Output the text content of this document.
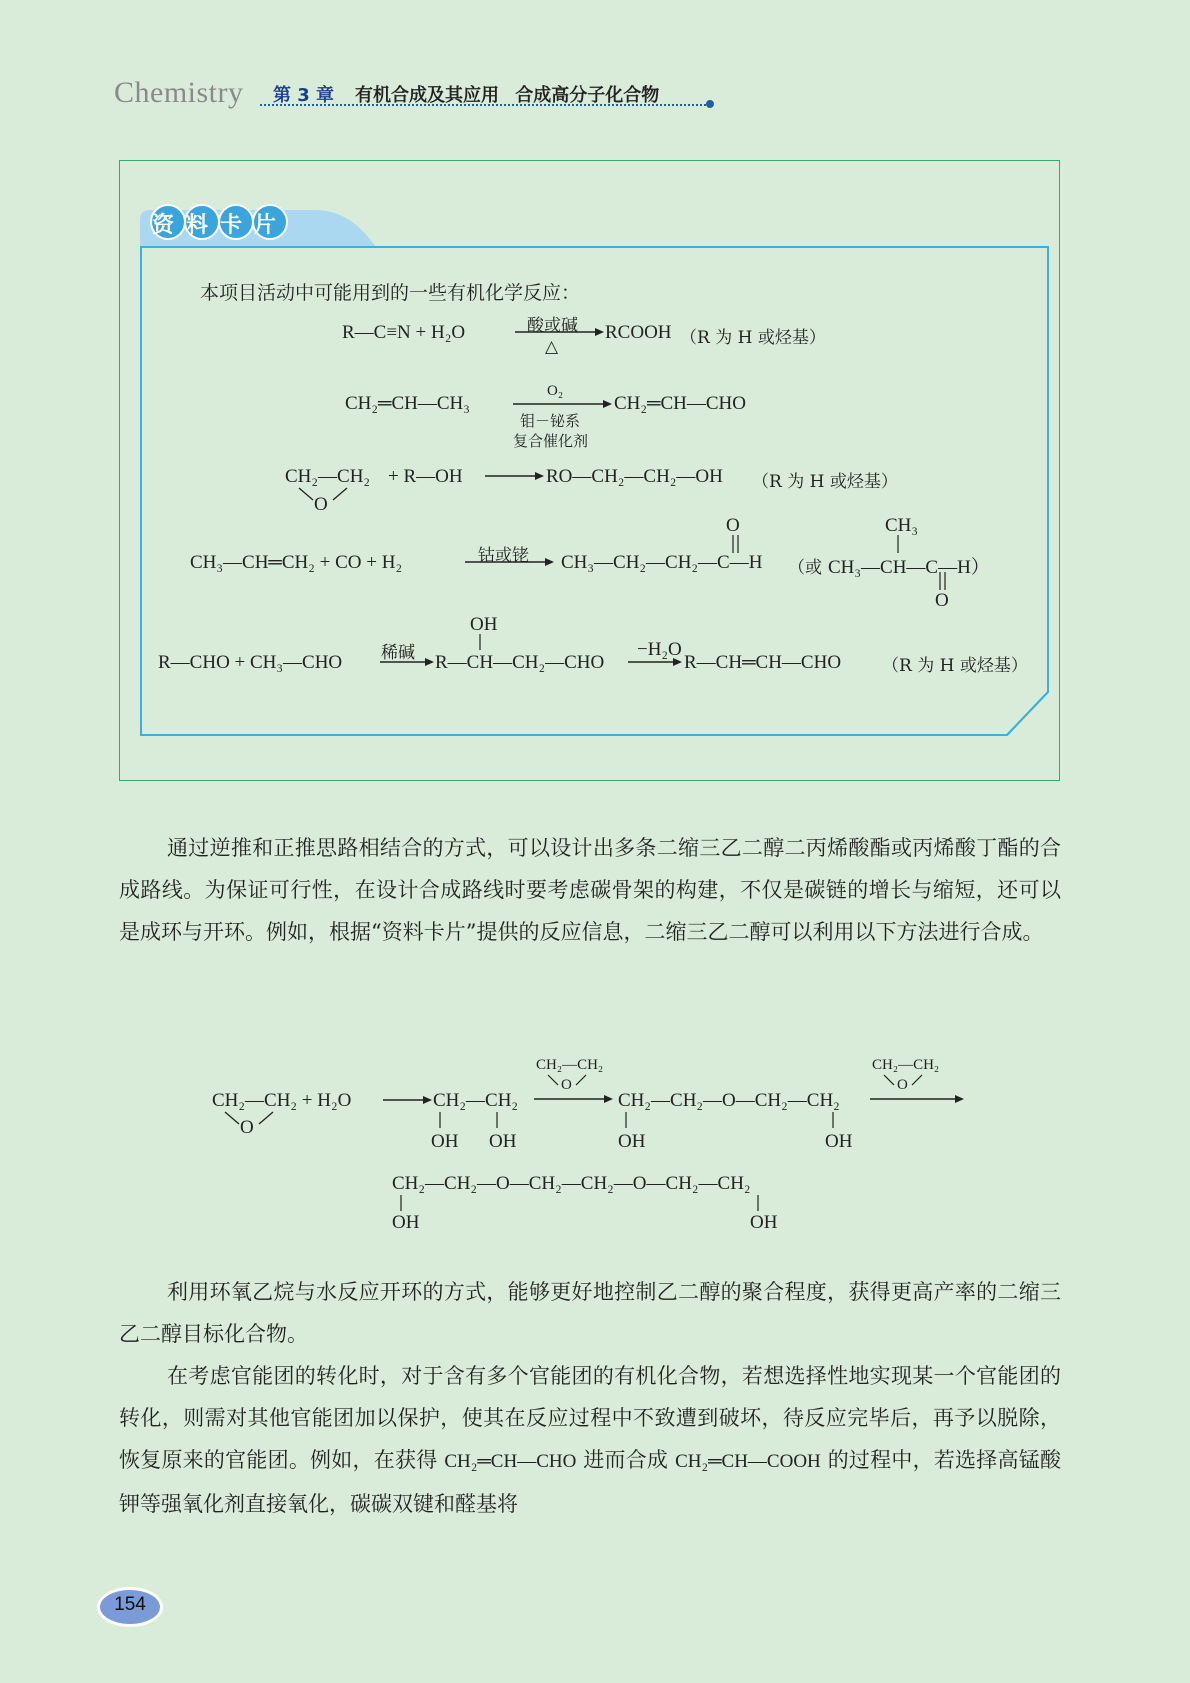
Chemistry 第 3 章 有机合成及其应用 合成高分子化合物
资料卡片
本项目活动中可能用到的一些有机化学反应：
R—C≡N + H₂O	酸或碱
△
RCOOH （R 为 H 或烃基）
CH₂═CH—CH₃
O₂
钼－铋系
复合催化剂
CH₂═CH—CHO
CH₂—CH₂
O
+ R—OH	RO—CH₂—CH₂—OH （R 为 H 或烃基）
CH₃—CH═CH₂ + CO + H₂	钴或铑
O
CH₃—CH₂—CH₂—C—H （或
CH₃
CH₃—CH—C—H）
O
R—CHO + CH₃—CHO 稀碱
OH
R—CH—CH₂—CHO
−H₂O
R—CH═CH—CHO （R 为 H 或烃基）
通过逆推和正推思路相结合的方式，可以设计出多条二缩三乙二醇二丙烯酸酯或丙烯酸丁酯的合成路线。为保证可行性，在设计合成路线时要考虑碳骨架的构建，不仅是碳链的增长与缩短，还可以是成环与开环。例如，根据“资料卡片”提供的反应信息，二缩三乙二醇可以利用以下方法进行合成。
CH₂—CH₂ + H₂O
O
CH₂—CH₂
OH OH
CH₂—CH₂
O
CH₂—CH₂—O—CH₂—CH₂
OH	OH
CH₂—CH₂
O
CH₂—CH₂—O—CH₂—CH₂—O—CH₂—CH₂
OH	OH
利用环氧乙烷与水反应开环的方式，能够更好地控制乙二醇的聚合程度，获得更高产率的二缩三乙二醇目标化合物。
在考虑官能团的转化时，对于含有多个官能团的有机化合物，若想选择性地实现某一个官能团的转化，则需对其他官能团加以保护，使其在反应过程中不致遭到破坏，待反应完毕后，再予以脱除，恢复原来的官能团。例如，在获得 CH₂═CH—CHO 进而合成 CH₂═CH—COOH 的过程中，若选择高锰酸钾等强氧化剂直接氧化，碳碳双键和醛基将
154
